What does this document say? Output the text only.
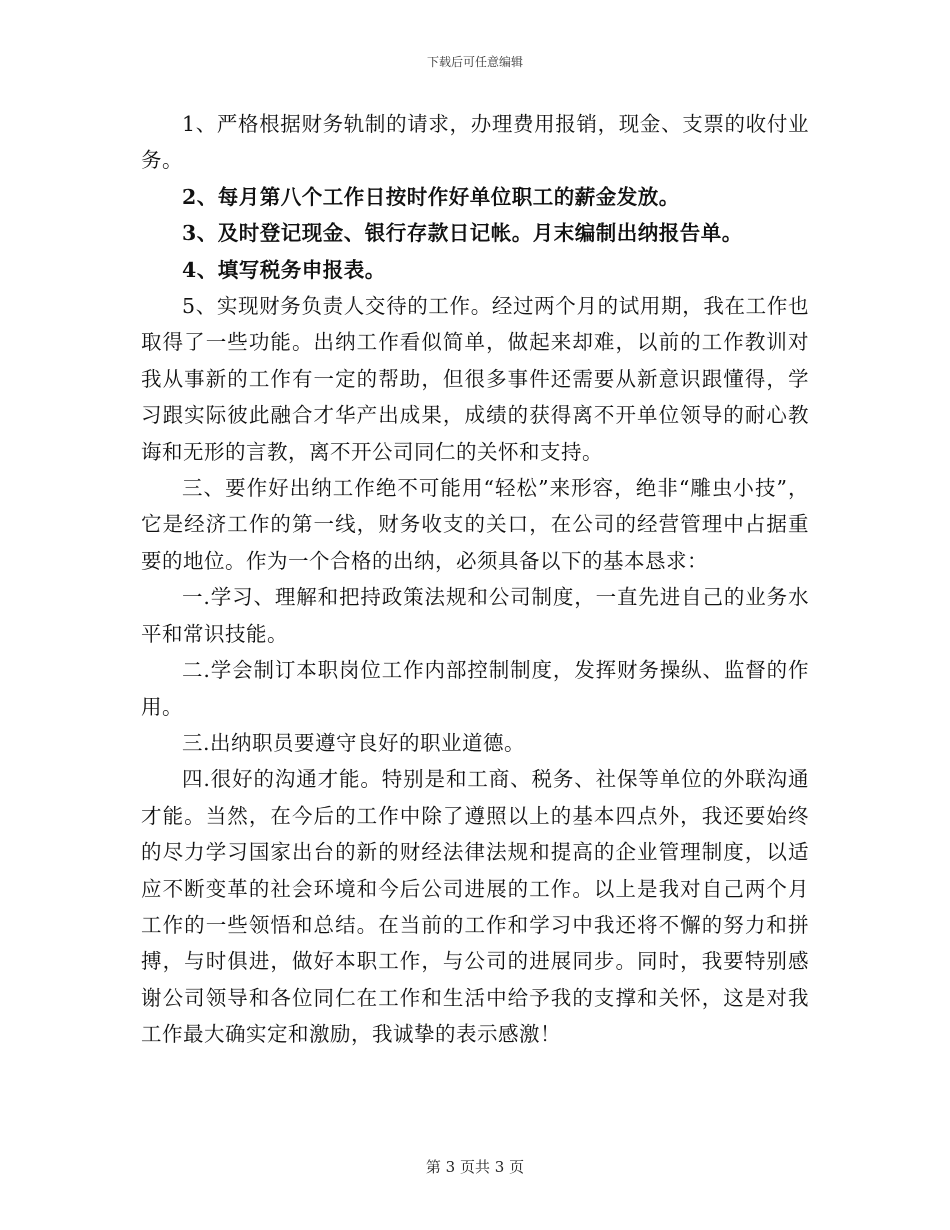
下载后可任意编辑

1、严格根据财务轨制的请求，办理费用报销，现金、支票的收付业务。

2、每月第八个工作日按时作好单位职工的薪金发放。

3、及时登记现金、银行存款日记帐。月末编制出纳报告单。

4、填写税务申报表。

5、实现财务负责人交待的工作。经过两个月的试用期，我在工作也取得了一些功能。出纳工作看似简单，做起来却难，以前的工作教训对我从事新的工作有一定的帮助，但很多事件还需要从新意识跟懂得，学习跟实际彼此融合才华产出成果，成绩的获得离不开单位领导的耐心教诲和无形的言教，离不开公司同仁的关怀和支持。

三、要作好出纳工作绝不可能用“轻松”来形容，绝非“雕虫小技”，它是经济工作的第一线，财务收支的关口，在公司的经营管理中占据重要的地位。作为一个合格的出纳，必须具备以下的基本恳求：

一.学习、理解和把持政策法规和公司制度，一直先进自己的业务水平和常识技能。

二.学会制订本职岗位工作内部控制制度，发挥财务操纵、监督的作用。

三.出纳职员要遵守良好的职业道德。

四.很好的沟通才能。特别是和工商、税务、社保等单位的外联沟通才能。当然，在今后的工作中除了遵照以上的基本四点外，我还要始终的尽力学习国家出台的新的财经法律法规和提高的企业管理制度，以适应不断变革的社会环境和今后公司进展的工作。以上是我对自己两个月工作的一些领悟和总结。在当前的工作和学习中我还将不懈的努力和拼搏，与时俱进，做好本职工作，与公司的进展同步。同时，我要特别感谢公司领导和各位同仁在工作和生活中给予我的支撑和关怀，这是对我工作最大确实定和激励，我诚挚的表示感激！

第 3 页共 3 页
